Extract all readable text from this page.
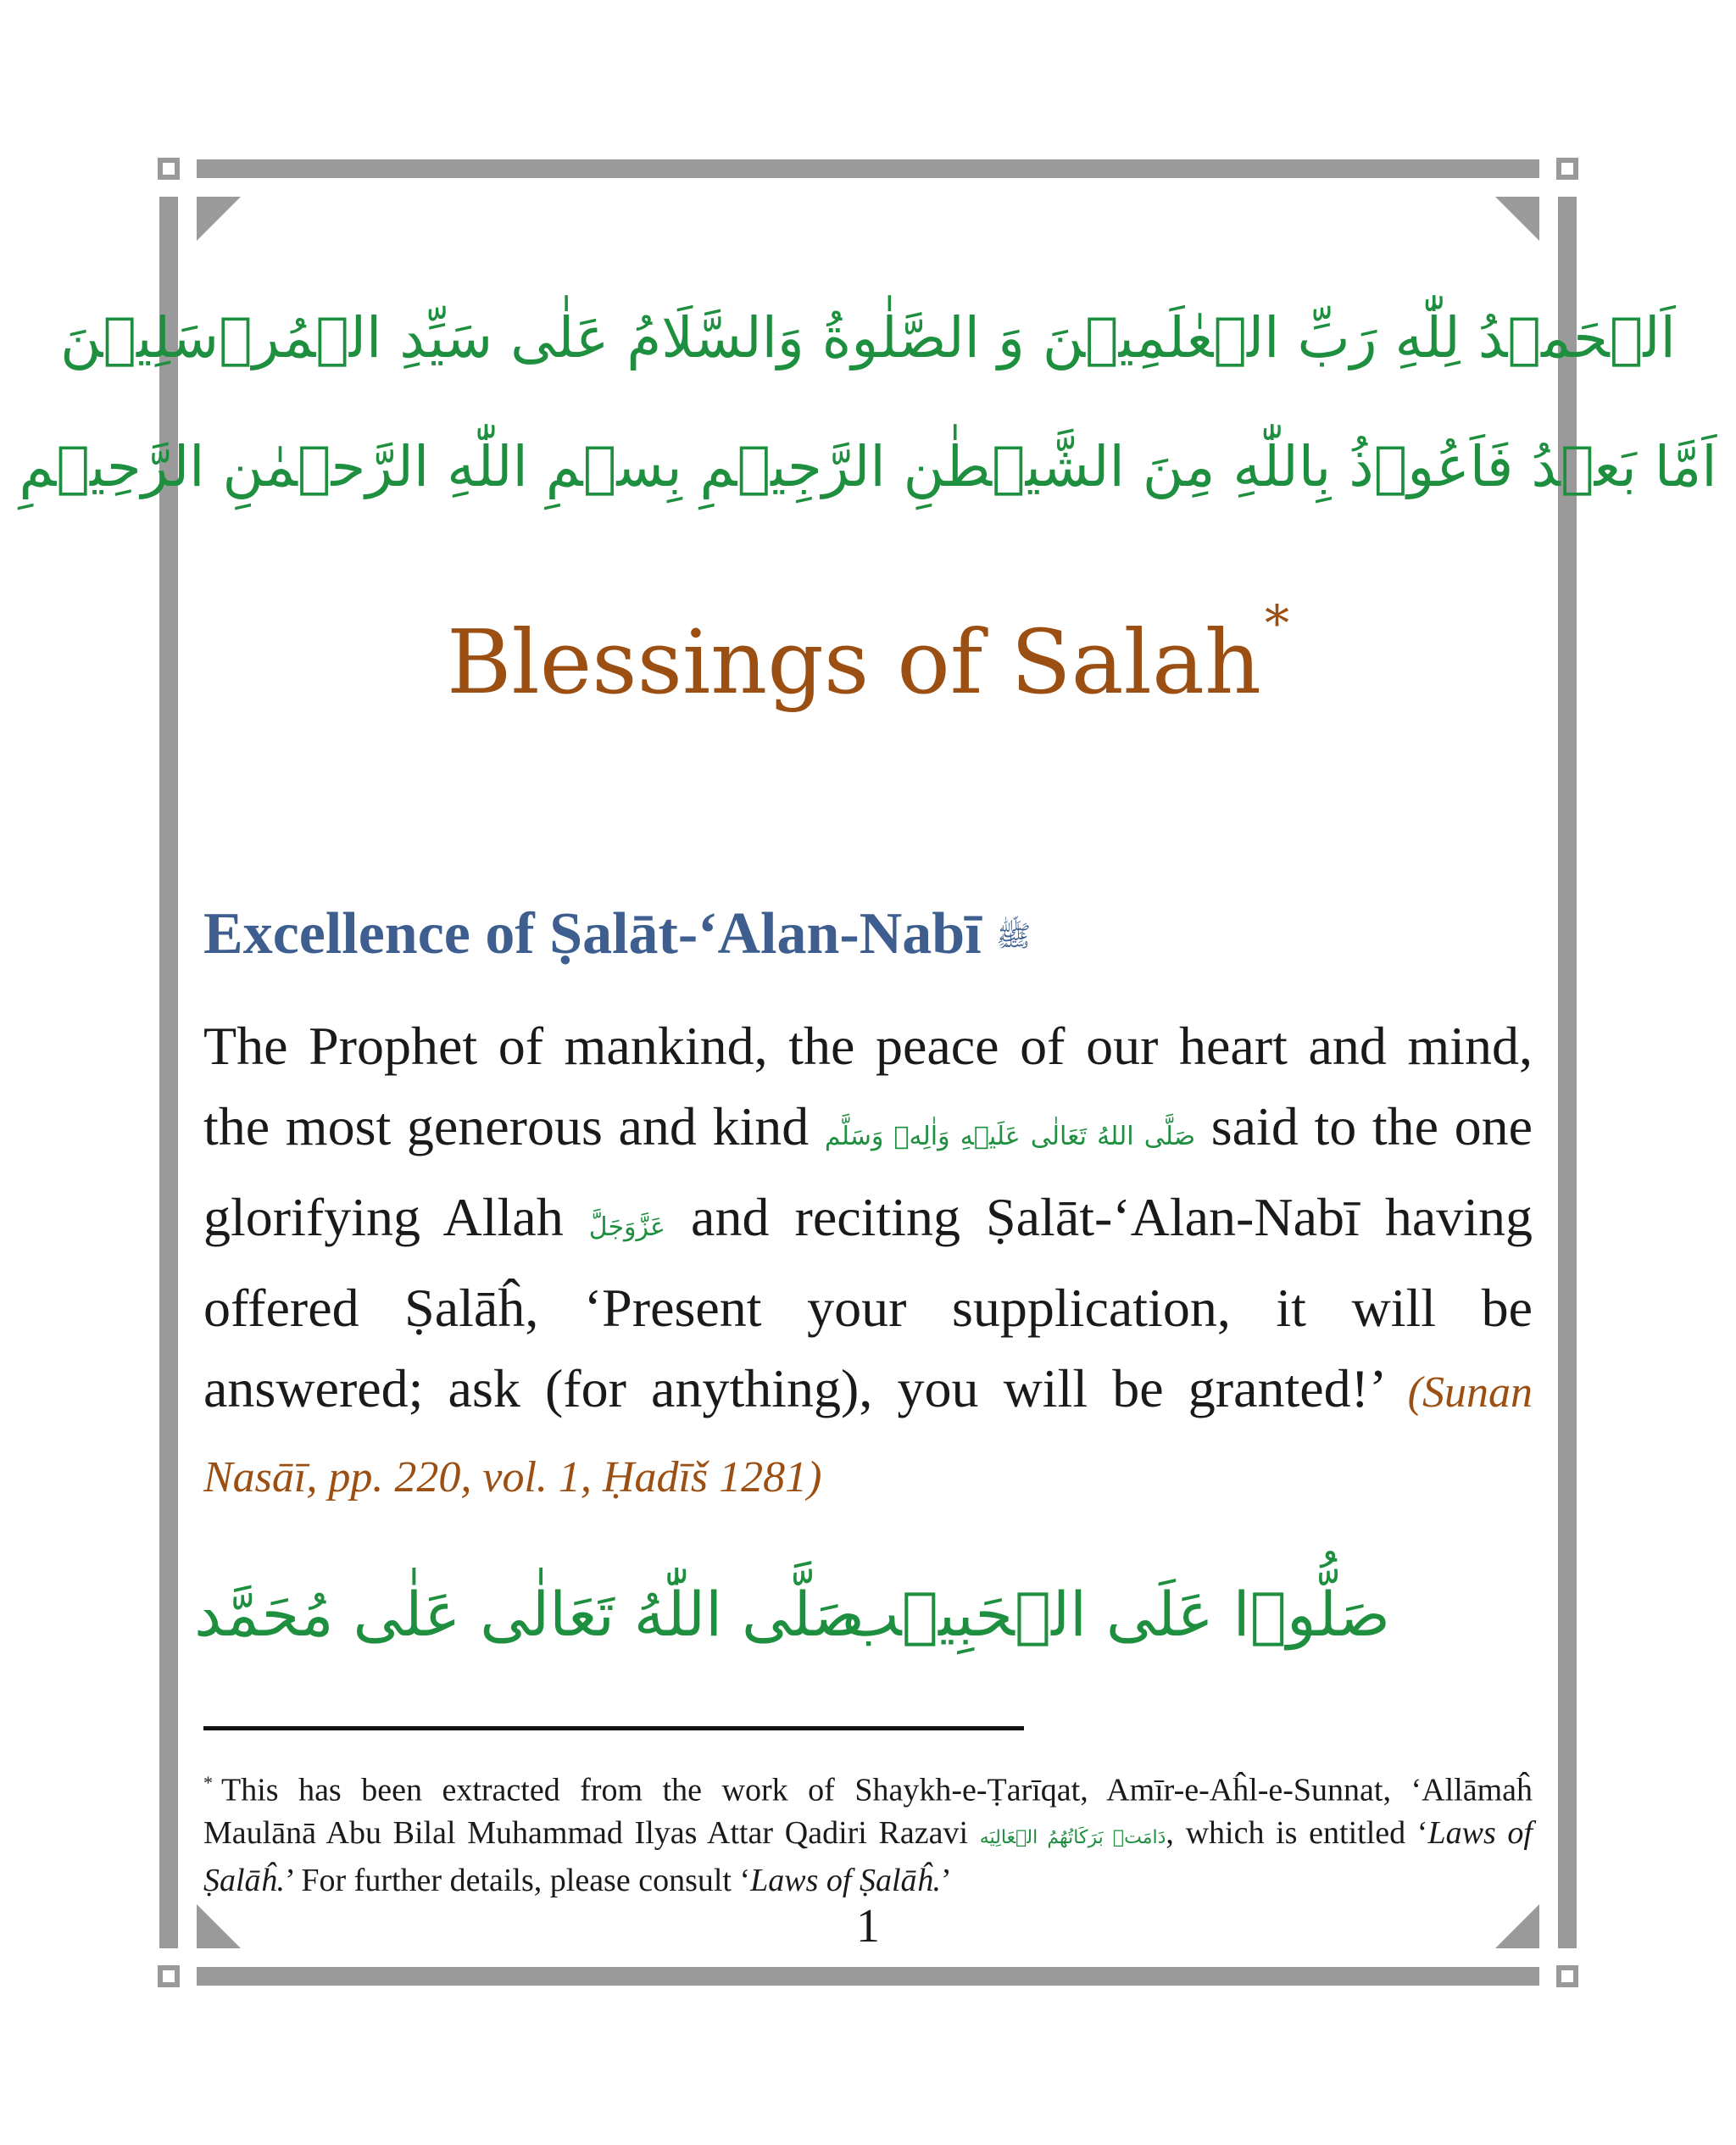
اَلۡحَمۡدُ لِلّٰهِ رَبِّ الۡعٰلَمِيۡنَ وَ الصَّلٰوةُ وَالسَّلَامُ عَلٰى سَيِّدِ الۡمُرۡسَلِيۡنَ
اَمَّا بَعۡدُ فَاَعُوۡذُ بِاللّٰهِ مِنَ الشَّيۡطٰنِ الرَّجِيۡمِ بِسۡمِ اللّٰهِ الرَّحۡمٰنِ الرَّحِيۡمِ
Blessings of Salah*
Excellence of Ṣalāt-‘Alan-Nabī ﷺ
The Prophet of mankind, the peace of our heart and mind, the most generous and kind صَلَّى اللهُ تَعَالٰى عَلَيۡهِ وَاٰلِهٖ وَسَلَّم said to the one glorifying Allah عَزَّوَجَلَّ and reciting Ṣalāt-‘Alan-Nabī having offered Ṣalāĥ, ‘Present your supplication, it will be answered; ask (for anything), you will be granted!’ (Sunan Nasāī, pp. 220, vol. 1, Ḥadīš 1281)
صَلُّوۡا عَلَى الۡحَبِيۡب
صَلَّى اللّٰهُ تَعَالٰى عَلٰى مُحَمَّد
* This has been extracted from the work of Shaykh-e-Ṭarīqat, Amīr-e-Aĥl-e-Sunnat, ‘Allāmaĥ Maulānā Abu Bilal Muhammad Ilyas Attar Qadiri Razavi دَامَتۡ بَرَكَاتُهُمُ الۡعَالِيَه, which is entitled ‘Laws of Ṣalāĥ.’ For further details, please consult ‘Laws of Ṣalāĥ.’
1
